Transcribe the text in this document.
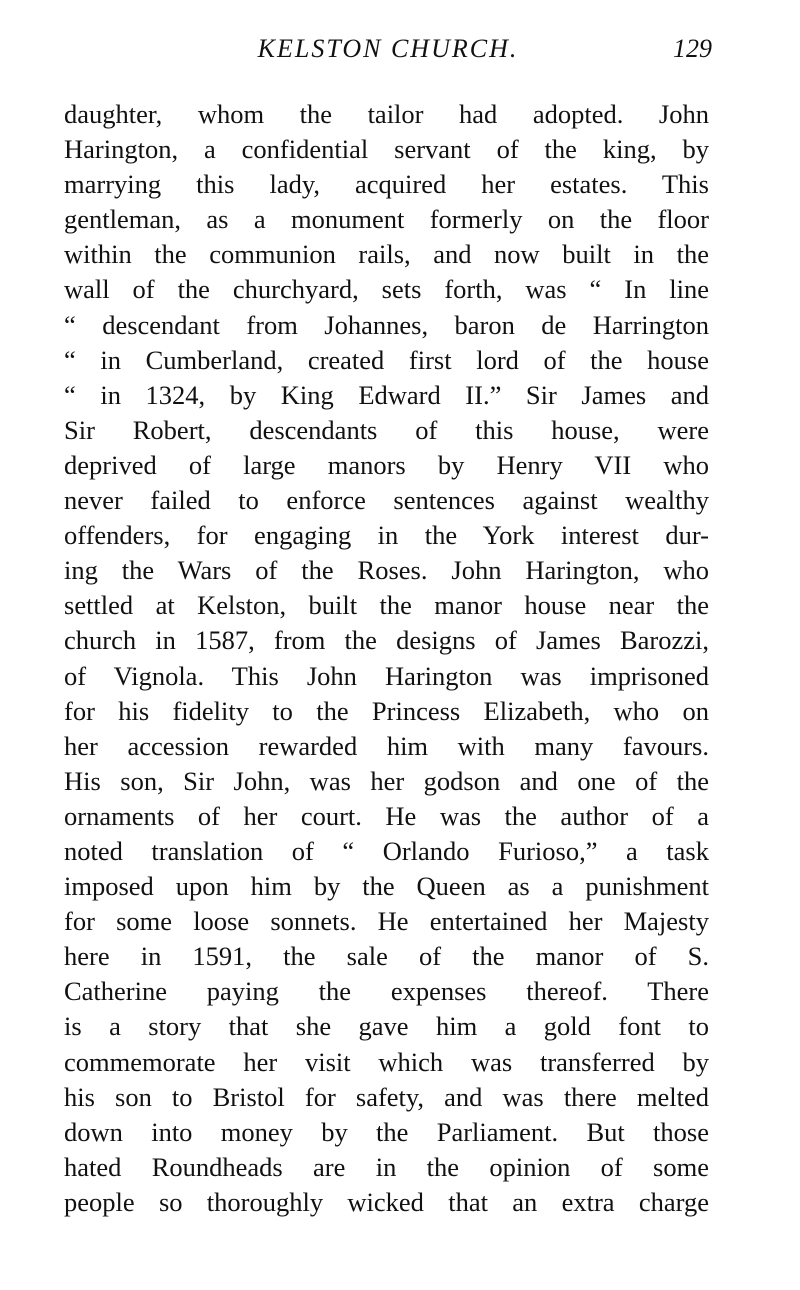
KELSTON CHURCH.	129
daughter, whom the tailor had adopted. John
Harington, a confidential servant of the king, by
marrying this lady, acquired her estates. This
gentleman, as a monument formerly on the floor
within the communion rails, and now built in the
wall of the churchyard, sets forth, was “ In line
“ descendant from Johannes, baron de Harrington
“ in Cumberland, created first lord of the house
“ in 1324, by King Edward II.” Sir James and
Sir Robert, descendants of this house, were
deprived of large manors by Henry VII who
never failed to enforce sentences against wealthy
offenders, for engaging in the York interest dur-
ing the Wars of the Roses. John Harington, who
settled at Kelston, built the manor house near the
church in 1587, from the designs of James Barozzi,
of Vignola. This John Harington was imprisoned
for his fidelity to the Princess Elizabeth, who on
her accession rewarded him with many favours.
His son, Sir John, was her godson and one of the
ornaments of her court. He was the author of a
noted translation of “ Orlando Furioso,” a task
imposed upon him by the Queen as a punishment
for some loose sonnets. He entertained her Majesty
here in 1591, the sale of the manor of S.
Catherine paying the expenses thereof. There
is a story that she gave him a gold font to
commemorate her visit which was transferred by
his son to Bristol for safety, and was there melted
down into money by the Parliament. But those
hated Roundheads are in the opinion of some
people so thoroughly wicked that an extra charge
